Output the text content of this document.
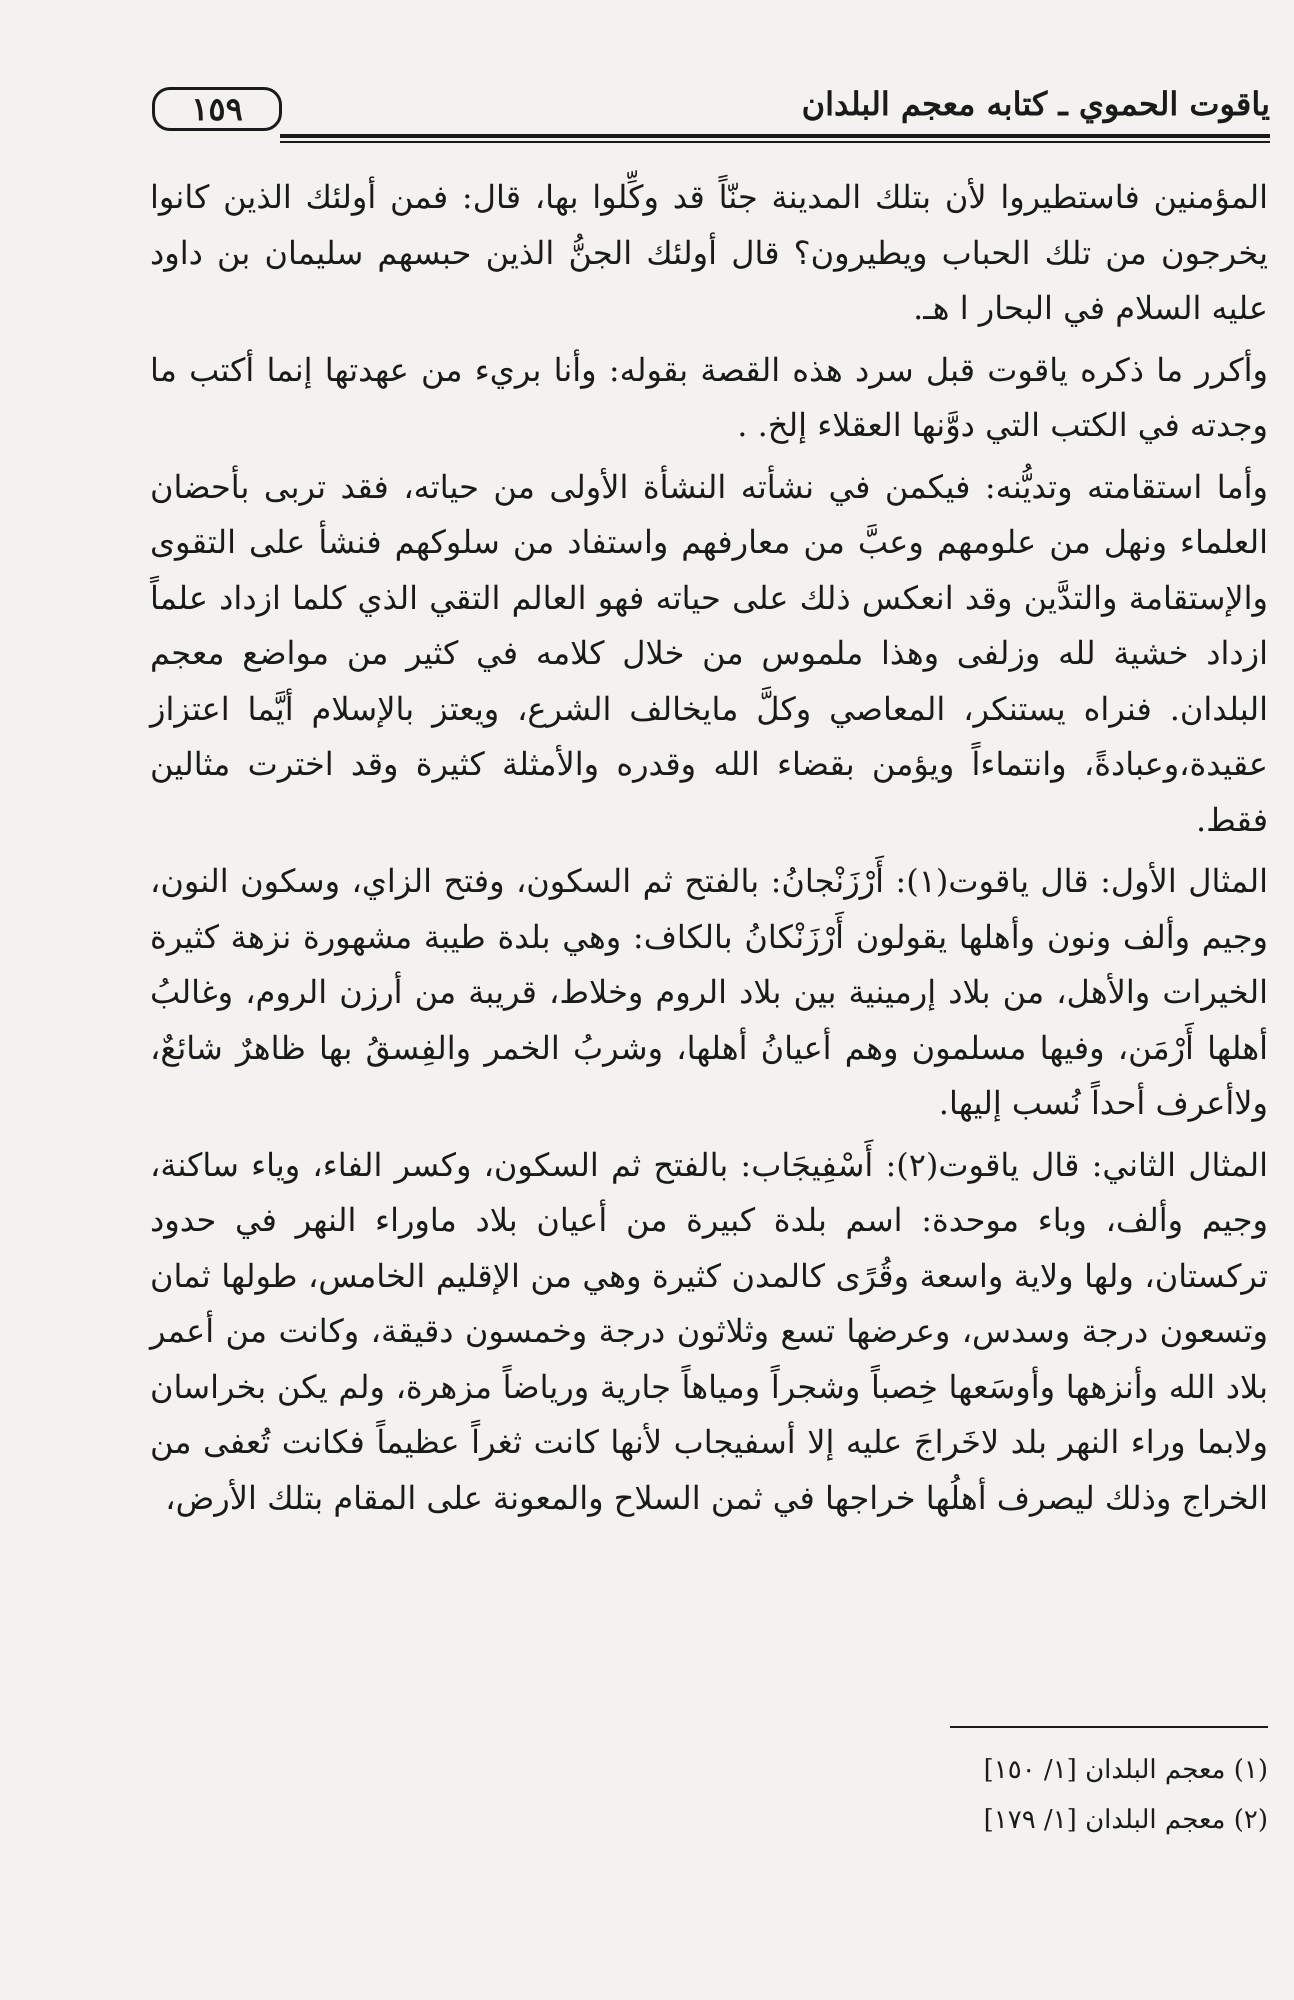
١٥٩	ياقوت الحموي ـ كتابه معجم البلدان

المؤمنين فاستطيروا لأن بتلك المدينة جنّاً قد وكِّلوا بها، قال: فمن أولئك الذين كانوا يخرجون من تلك الحباب ويطيرون؟ قال أولئك الجنُّ الذين حبسهم سليمان بن داود عليه السلام في البحار ا هـ.

وأكرر ما ذكره ياقوت قبل سرد هذه القصة بقوله: وأنا بريء من عهدتها إنما أكتب ما وجدته في الكتب التي دوَّنها العقلاء إلخ. .

وأما استقامته وتديُّنه: فيكمن في نشأته النشأة الأولى من حياته، فقد تربى بأحضان العلماء ونهل من علومهم وعبَّ من معارفهم واستفاد من سلوكهم فنشأ على التقوى والإستقامة والتدَّين وقد انعكس ذلك على حياته فهو العالم التقي الذي كلما ازداد علماً ازداد خشية لله وزلفى وهذا ملموس من خلال كلامه في كثير من مواضع معجم البلدان. فنراه يستنكر، المعاصي وكلَّ مايخالف الشرع، ويعتز بالإسلام أيَّما اعتزاز عقيدة،وعبادةً، وانتماءاً ويؤمن بقضاء الله وقدره والأمثلة كثيرة وقد اخترت مثالين فقط.

المثال الأول: قال ياقوت(١): أَرْزَنْجانُ: بالفتح ثم السكون، وفتح الزاي، وسكون النون، وجيم وألف ونون وأهلها يقولون أَرْزَنْكانُ بالكاف: وهي بلدة طيبة مشهورة نزهة كثيرة الخيرات والأهل، من بلاد إرمينية بين بلاد الروم وخلاط، قريبة من أرزن الروم، وغالبُ أهلها أَرْمَن، وفيها مسلمون وهم أعيانُ أهلها، وشربُ الخمر والفِسقُ بها ظاهرٌ شائعٌ، ولاأعرف أحداً نُسب إليها.

المثال الثاني: قال ياقوت(٢): أَسْفِيجَاب: بالفتح ثم السكون، وكسر الفاء، وياء ساكنة، وجيم وألف، وباء موحدة: اسم بلدة كبيرة من أعيان بلاد ماوراء النهر في حدود تركستان، ولها ولاية واسعة وقُرًى كالمدن كثيرة وهي من الإقليم الخامس، طولها ثمان وتسعون درجة وسدس، وعرضها تسع وثلاثون درجة وخمسون دقيقة، وكانت من أعمر بلاد الله وأنزهها وأوسَعها خِصباً وشجراً ومياهاً جارية ورياضاً مزهرة، ولم يكن بخراسان ولابما وراء النهر بلد لاخَراجَ عليه إلا أسفيجاب لأنها كانت ثغراً عظيماً فكانت تُعفى من الخراج وذلك ليصرف أهلُها خراجها في ثمن السلاح والمعونة على المقام بتلك الأرض،

(١) معجم البلدان [١/ ١٥٠]
(٢) معجم البلدان [١/ ١٧٩]
